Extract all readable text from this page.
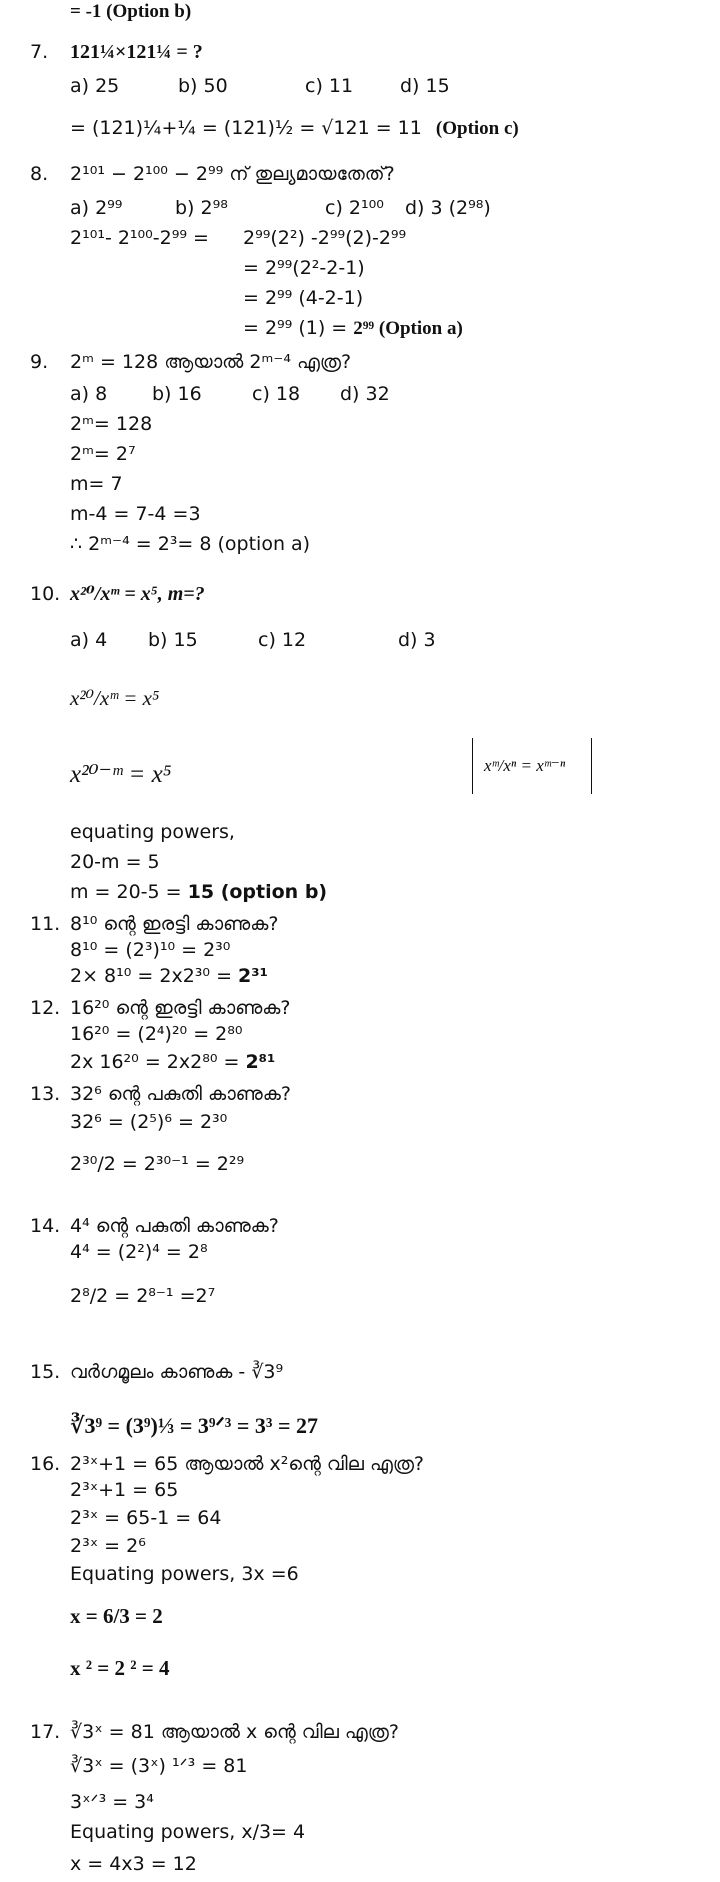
= -1 (Option b)
7. 121¼×121¼ = ?
a) 25	b) 50	c) 11 d) 15
= (121)¼+¼ = (121)½ = √121 = 11 (Option c)
8. 2¹⁰¹ − 2¹⁰⁰ − 2⁹⁹ ന് തുല്യമായതേത്?
a) 2⁹⁹	b) 2⁹⁸	c) 2¹⁰⁰ d) 3 (2⁹⁸)
2¹⁰¹- 2¹⁰⁰-2⁹⁹ = 2⁹⁹(2²) -2⁹⁹(2)-2⁹⁹
= 2⁹⁹(2²-2-1)
= 2⁹⁹ (4-2-1)
= 2⁹⁹ (1) = 2⁹⁹ (Option a)
9. 2ᵐ = 128 ആയാൽ 2ᵐ⁻⁴ എത്ര?
a) 8 b) 16	c) 18 d) 32
2ᵐ= 128
2ᵐ= 2⁷
m= 7
m-4 = 7-4 =3
∴ 2ᵐ⁻⁴ = 2³= 8 (option a)
10. x²⁰/xᵐ = x⁵, m=?
a) 4 b) 15	c) 12	d) 3
x²⁰/xᵐ = x⁵
x²⁰⁻ᵐ = x⁵	xᵐ/xⁿ = xᵐ⁻ⁿ
equating powers,
20-m = 5
m = 20-5 = 15 (option b)
11. 8¹⁰ ന്റെ ഇരട്ടി കാണുക?
8¹⁰ = (2³)¹⁰ = 2³⁰
2× 8¹⁰ = 2x2³⁰ = 2³¹
12. 16²⁰ ന്റെ ഇരട്ടി കാണുക?
16²⁰ = (2⁴)²⁰ = 2⁸⁰
2x 16²⁰ = 2x2⁸⁰ = 2⁸¹
13. 32⁶ ന്റെ പകുതി കാണുക?
32⁶ = (2⁵)⁶ = 2³⁰
2³⁰/2 = 2³⁰⁻¹ = 2²⁹
14. 4⁴ ന്റെ പകുതി കാണുക?
4⁴ = (2²)⁴ = 2⁸
2⁸/2 = 2⁸⁻¹ =2⁷
15. വർഗമൂലം കാണുക - ∛3⁹
∛3⁹ = (3⁹)⅓ = 3⁹ᐟ³ = 3³ = 27
16. 2³ˣ+1 = 65 ആയാൽ x²ന്റെ വില എത്ര?
2³ˣ+1 = 65
2³ˣ = 65-1 = 64
2³ˣ = 2⁶
Equating powers, 3x =6
x = 6/3 = 2
x ² = 2 ² = 4
17. ∛3ˣ = 81 ആയാൽ x ന്റെ വില എത്ര?
∛3ˣ = (3ˣ) ¹ᐟ³ = 81
3ˣᐟ³ = 3⁴
Equating powers, x/3= 4
x = 4x3 = 12
